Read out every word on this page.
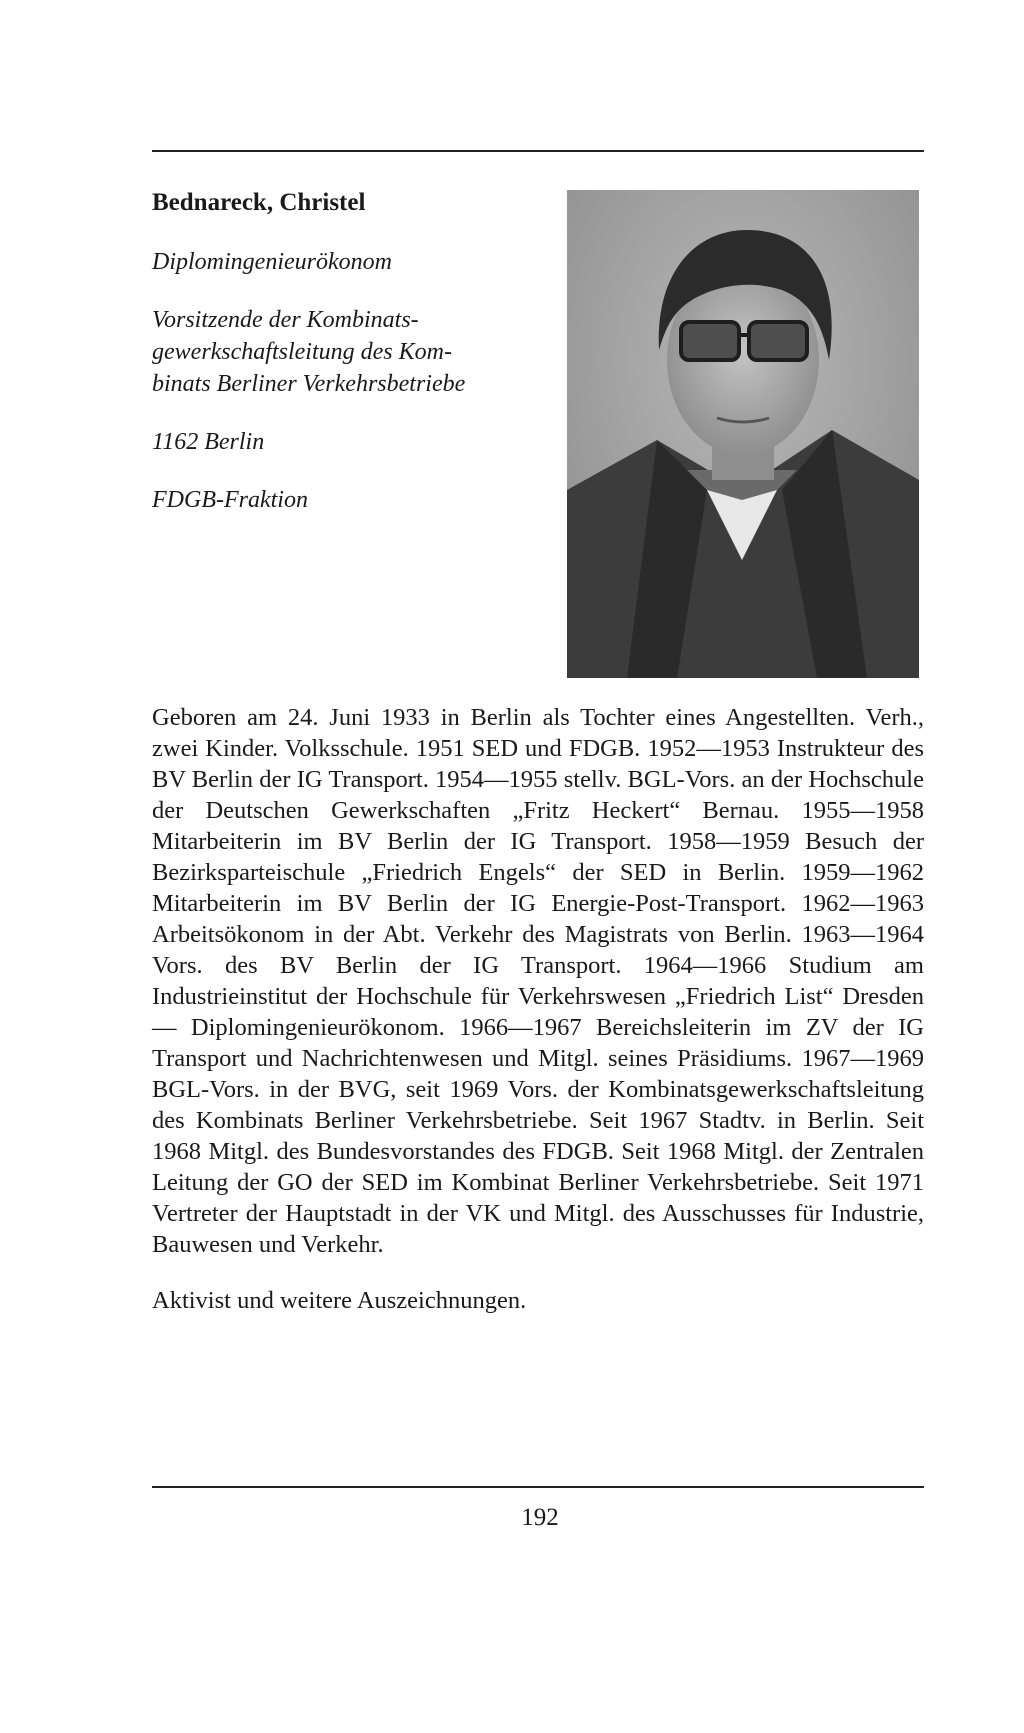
Bednareck, Christel
Diplomingenieurökonom
Vorsitzende der Kombinats-
gewerkschaftsleitung des Kom-
binats Berliner Verkehrsbetriebe
1162 Berlin
FDGB-Fraktion

Geboren am 24. Juni 1933 in Berlin als Tochter eines Angestellten. Verh., zwei Kinder. Volksschule. 1951 SED und FDGB. 1952—1953 Instrukteur des BV Berlin der IG Transport. 1954—1955 stellv. BGL-Vors. an der Hochschule der Deutschen Gewerkschaften „Fritz Heckert“ Bernau. 1955—1958 Mitarbeiterin im BV Berlin der IG Transport. 1958—1959 Besuch der Bezirksparteischule „Friedrich Engels“ der SED in Berlin. 1959—1962 Mitarbeiterin im BV Berlin der IG Energie-Post-Transport. 1962—1963 Arbeitsökonom in der Abt. Verkehr des Magistrats von Berlin. 1963—1964 Vors. des BV Berlin der IG Transport. 1964—1966 Studium am Industrieinstitut der Hochschule für Verkehrswesen „Friedrich List“ Dresden — Diplomingenieurökonom. 1966—1967 Bereichsleiterin im ZV der IG Transport und Nachrichtenwesen und Mitgl. seines Präsidiums. 1967—1969 BGL-Vors. in der BVG, seit 1969 Vors. der Kombinatsgewerkschaftsleitung des Kombinats Berliner Verkehrsbetriebe. Seit 1967 Stadtv. in Berlin. Seit 1968 Mitgl. des Bundesvorstandes des FDGB. Seit 1968 Mitgl. der Zentralen Leitung der GO der SED im Kombinat Berliner Verkehrsbetriebe. Seit 1971 Vertreter der Hauptstadt in der VK und Mitgl. des Ausschusses für Industrie, Bauwesen und Verkehr.

Aktivist und weitere Auszeichnungen.
192
